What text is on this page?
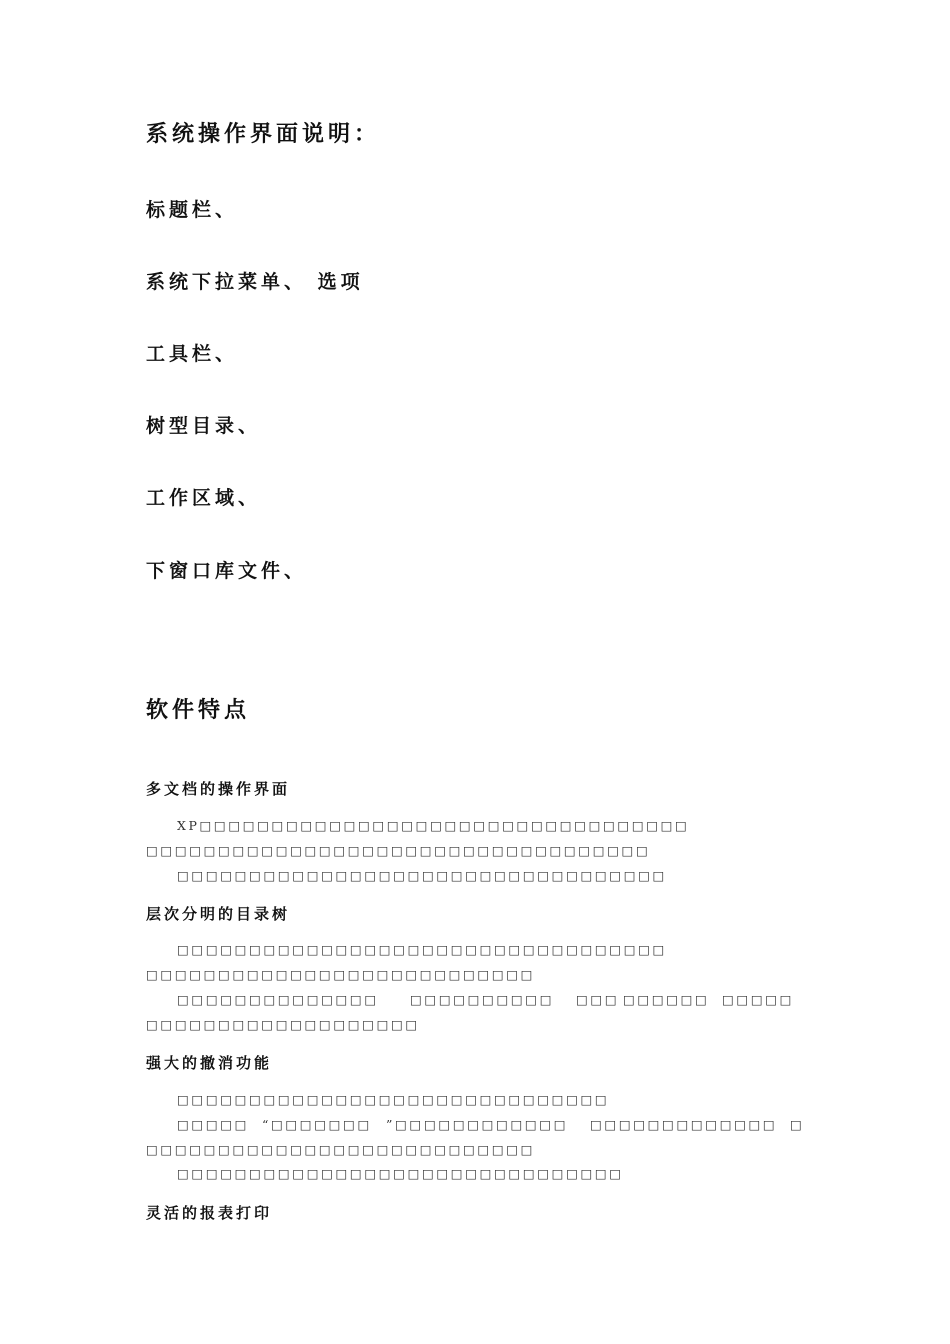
系统操作界面说明：
标题栏、
系统下拉菜单、 选项
工具栏、
树型目录、
工作区域、
下窗口库文件、
软件特点
多文档的操作界面
XP□□□□□□□□□□□□□□□□□□□□□□□□□□□□□□□□□□
□□□□□□□□□□□□□□□□□□□□□□□□□□□□□□□□□□□
□□□□□□□□□□□□□□□□□□□□□□□□□□□□□□□□□□
层次分明的目录树
□□□□□□□□□□□□□□□□□□□□□□□□□□□□□□□□□□
□□□□□□□□□□□□□□□□□□□□□□□□□□□
□□□□□□□□□□□□□□	□□□□□□□□□□ □□□ □□□□□□ □□□□□
□□□□□□□□□□□□□□□□□□□
强大的撤消功能
□□□□□□□□□□□□□□□□□□□□□□□□□□□□□□
□□□□□ “□□□□□□□ ”□□ □□□□□□□□□□ □□□□□□□□□□□□□ □
□□□□□□□□□□□□□□□□□□□□□□□□□□□
□□□□□□□□□□□□□□□□□□□□□□□□□□□□□□□
灵活的报表打印
